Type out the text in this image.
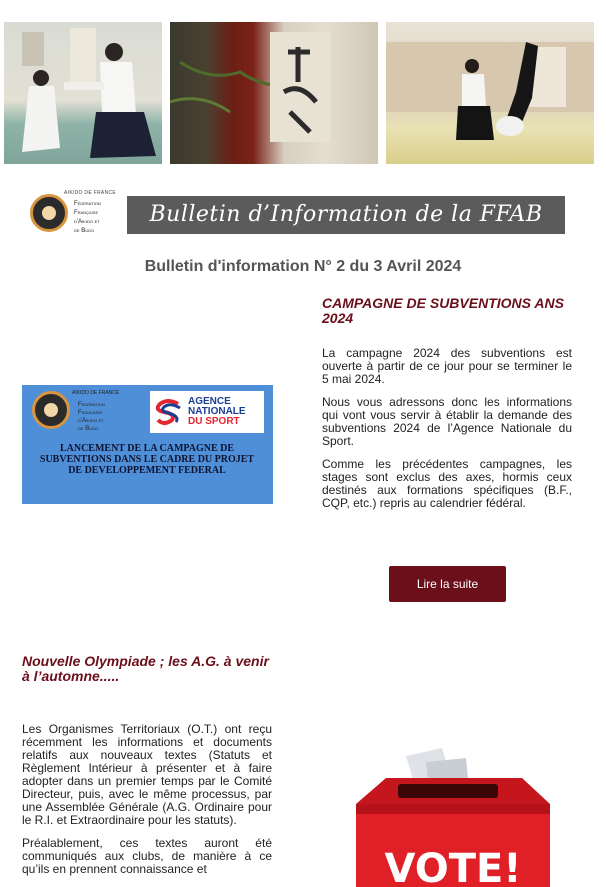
AIKIDO DE FRANCE
Fédération
Française
d'Aïkido et
de Budo
Bulletin d’Information de la FFAB
Bulletin d'information N° 2 du 3 Avril 2024
CAMPAGNE DE SUBVENTIONS ANS 2024

La campagne 2024 des subventions est ouverte à partir de ce jour pour se terminer le 5 mai 2024.

Nous vous adressons donc les informations qui vont vous servir à établir la demande des subventions 2024 de l’Agence Nationale du Sport.

Comme les précédentes campagnes, les stages sont exclus des axes, hormis ceux destinés aux formations spécifiques (B.F., CQP, etc.) repris au calendrier fédéral.

AIKIDO DE FRANCE
Fédération
Française
d'Aïkido et
de Budo
AGENCE
NATIONALE
DU SPORT
LANCEMENT DE LA CAMPAGNE DE SUBVENTIONS DANS LE CADRE DU PROJET DE DEVELOPPEMENT FEDERAL
Lire la suite
Nouvelle Olympiade ; les A.G. à venir à l’automne.....

Les Organismes Territoriaux (O.T.) ont reçu récemment les informations et documents relatifs aux nouveaux textes (Statuts et Règlement Intérieur à présenter et à faire adopter dans un premier temps par le Comité Directeur, puis, avec le même processus, par une Assemblée Générale (A.G. Ordinaire pour le R.I. et Extraordinaire pour les statuts).

Préalablement, ces textes auront été communiqués aux clubs, de manière à ce qu’ils en prennent connaissance et	VOTE!
